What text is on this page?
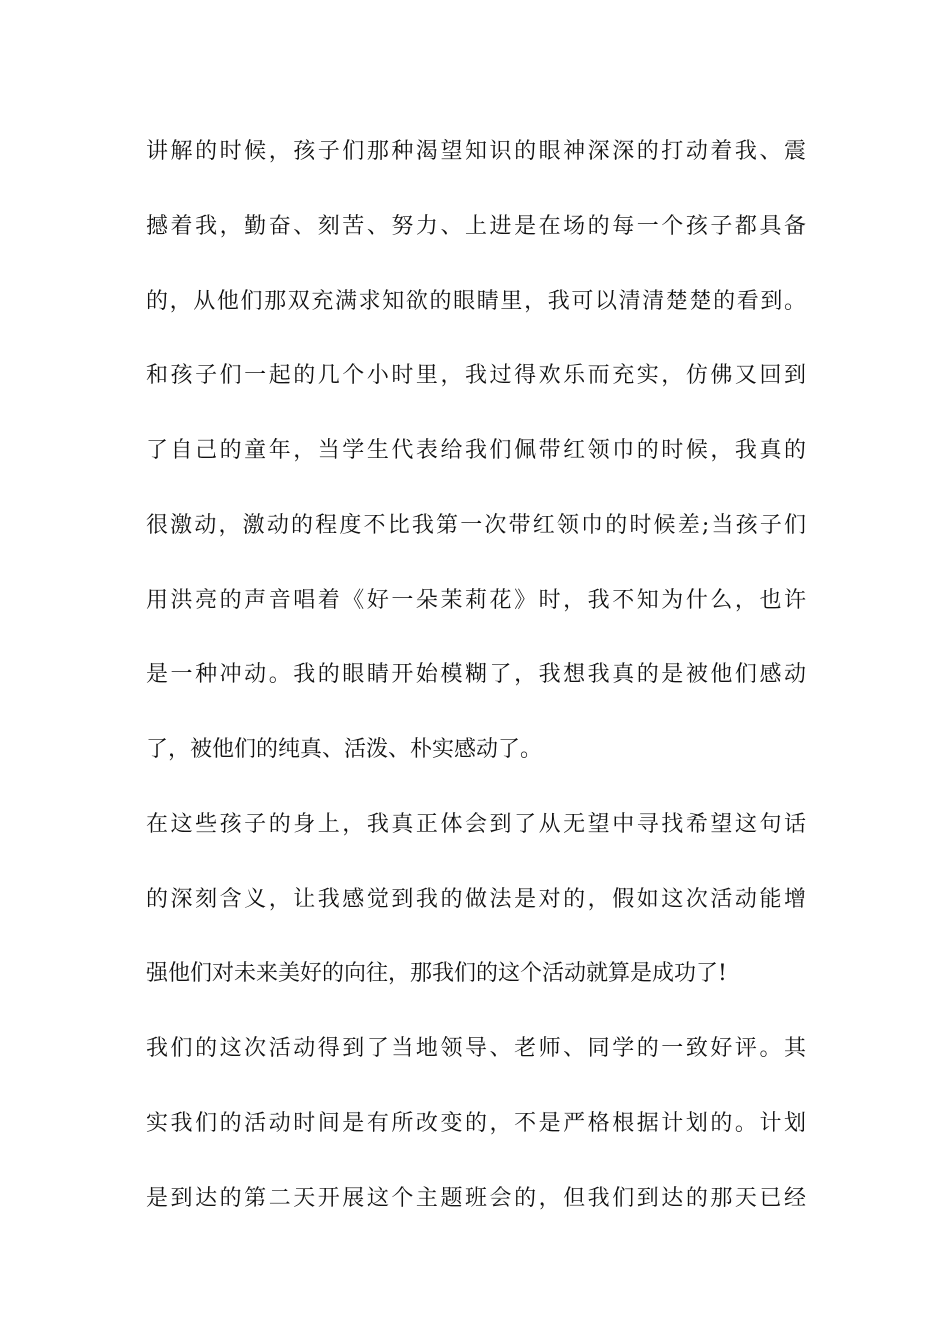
讲解的时候，孩子们那种渴望知识的眼神深深的打动着我、震
撼着我，勤奋、刻苦、努力、上进是在场的每一个孩子都具备
的，从他们那双充满求知欲的眼睛里，我可以清清楚楚的看到。
和孩子们一起的几个小时里，我过得欢乐而充实，仿佛又回到
了自己的童年，当学生代表给我们佩带红领巾的时候，我真的
很激动，激动的程度不比我第一次带红领巾的时候差;当孩子们
用洪亮的声音唱着《好一朵茉莉花》时，我不知为什么，也许
是一种冲动。我的眼睛开始模糊了，我想我真的是被他们感动
了，被他们的纯真、活泼、朴实感动了。
在这些孩子的身上，我真正体会到了从无望中寻找希望这句话
的深刻含义，让我感觉到我的做法是对的，假如这次活动能增
强他们对未来美好的向往，那我们的这个活动就算是成功了!
我们的这次活动得到了当地领导、老师、同学的一致好评。其
实我们的活动时间是有所改变的，不是严格根据计划的。计划
是到达的第二天开展这个主题班会的，但我们到达的那天已经
